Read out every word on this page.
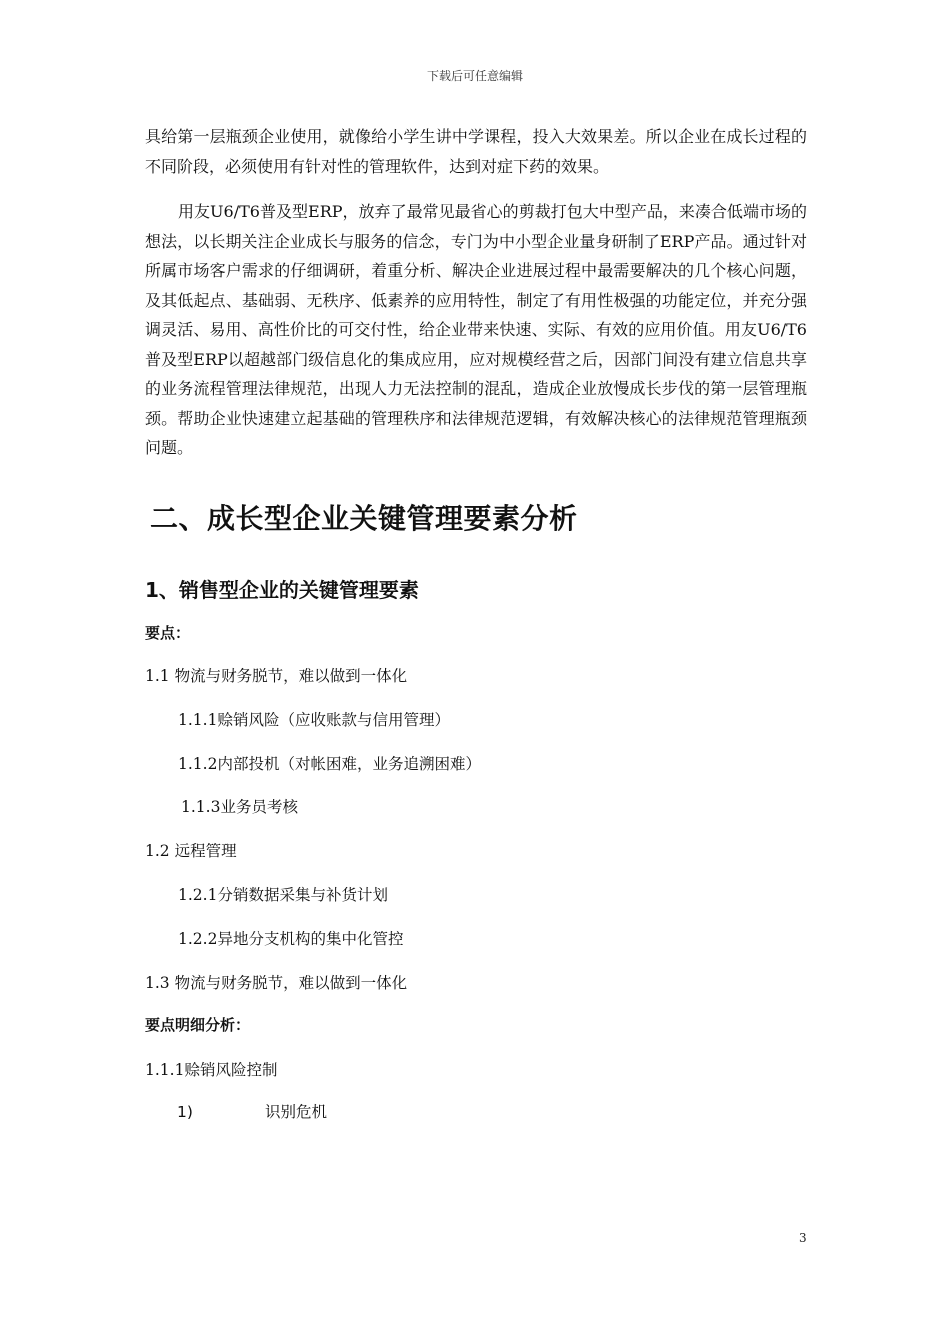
下载后可任意编辑
具给第一层瓶颈企业使用，就像给小学生讲中学课程，投入大效果差。所以企业在成长过程的不同阶段，必须使用有针对性的管理软件，达到对症下药的效果。
用友U6/T6普及型ERP，放弃了最常见最省心的剪裁打包大中型产品，来凑合低端市场的想法，以长期关注企业成长与服务的信念，专门为中小型企业量身研制了ERP产品。通过针对所属市场客户需求的仔细调研，着重分析、解决企业进展过程中最需要解决的几个核心问题，及其低起点、基础弱、无秩序、低素养的应用特性，制定了有用性极强的功能定位，并充分强调灵活、易用、高性价比的可交付性，给企业带来快速、实际、有效的应用价值。用友U6/T6普及型ERP以超越部门级信息化的集成应用，应对规模经营之后，因部门间没有建立信息共享的业务流程管理法律规范，出现人力无法控制的混乱，造成企业放慢成长步伐的第一层管理瓶颈。帮助企业快速建立起基础的管理秩序和法律规范逻辑，有效解决核心的法律规范管理瓶颈问题。
二、成长型企业关键管理要素分析
1、销售型企业的关键管理要素
要点：
1.1 物流与财务脱节，难以做到一体化
1.1.1赊销风险（应收账款与信用管理）
1.1.2内部投机（对帐困难，业务追溯困难）
1.1.3业务员考核
1.2 远程管理
1.2.1分销数据采集与补货计划
1.2.2异地分支机构的集中化管控
1.3 物流与财务脱节，难以做到一体化
要点明细分析：
1.1.1赊销风险控制
1)	识别危机
3
